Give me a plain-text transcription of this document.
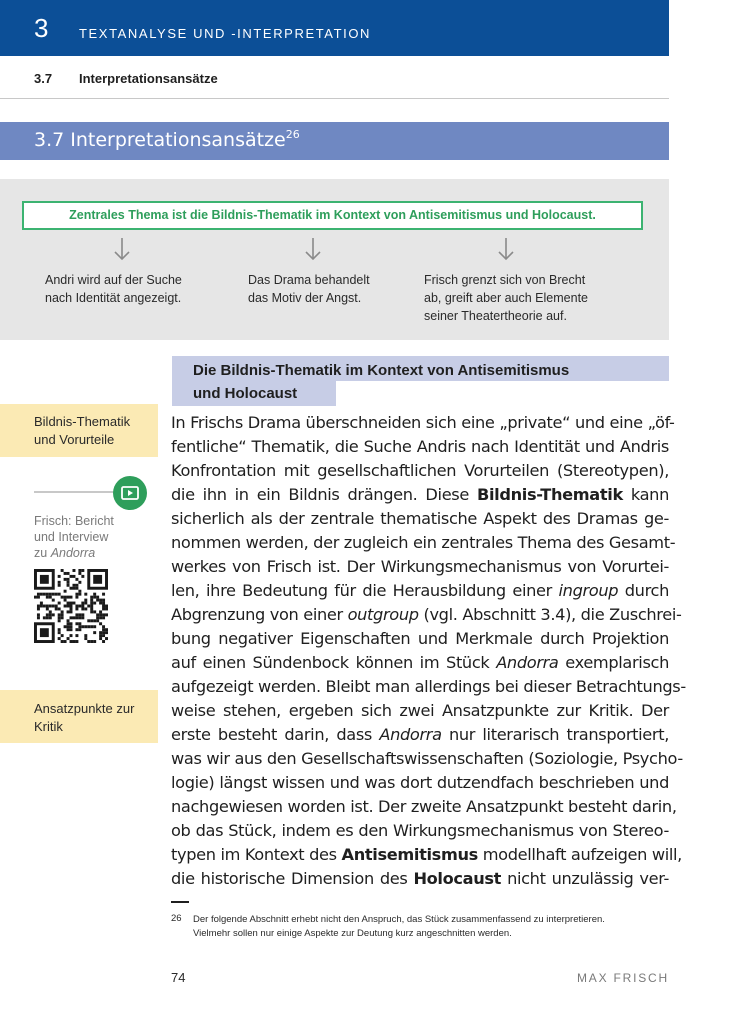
3 TEXTANALYSE UND -INTERPRETATION
3.7 Interpretationsansätze
3.7 Interpretationsansätze$^{26}$
Zentrales Thema ist die Bildnis-Thematik im Kontext von Antisemitismus und Holocaust.
Andri wird auf der Suche
nach Identität angezeigt.
Das Drama behandelt
das Motiv der Angst.
Frisch grenzt sich von Brecht
ab, greift aber auch Elemente
seiner Theatertheorie auf.
Die Bildnis-Thematik im Kontext von Antisemitismus
und Holocaust
Bildnis-Thematik
und Vorurteile
Frisch: Bericht
und Interview
zu Andorra
Ansatzpunkte zur
Kritik
In Frischs Drama überschneiden sich eine „private“ und eine „öf-
fentliche“ Thematik, die Suche Andris nach Identität und Andris
Konfrontation mit gesellschaftlichen Vorurteilen (Stereotypen),
die ihn in ein Bildnis drängen. Diese Bildnis-Thematik kann
sicherlich als der zentrale thematische Aspekt des Dramas ge-
nommen werden, der zugleich ein zentrales Thema des Gesamt-
werkes von Frisch ist. Der Wirkungsmechanismus von Vorurtei-
len, ihre Bedeutung für die Herausbildung einer ingroup durch
Abgrenzung von einer outgroup (vgl. Abschnitt 3.4), die Zuschrei-
bung negativer Eigenschaften und Merkmale durch Projektion
auf einen Sündenbock können im Stück Andorra exemplarisch
aufgezeigt werden. Bleibt man allerdings bei dieser Betrachtungs-
weise stehen, ergeben sich zwei Ansatzpunkte zur Kritik. Der
erste besteht darin, dass Andorra nur literarisch transportiert,
was wir aus den Gesellschaftswissenschaften (Soziologie, Psycho-
logie) längst wissen und was dort dutzendfach beschrieben und
nachgewiesen worden ist. Der zweite Ansatzpunkt besteht darin,
ob das Stück, indem es den Wirkungsmechanismus von Stereo-
typen im Kontext des Antisemitismus modellhaft aufzeigen will,
die historische Dimension des Holocaust nicht unzulässig ver-
26 Der folgende Abschnitt erhebt nicht den Anspruch, das Stück zusammenfassend zu interpretieren.
Vielmehr sollen nur einige Aspekte zur Deutung kurz angeschnitten werden.
74	MAX FRISCH
